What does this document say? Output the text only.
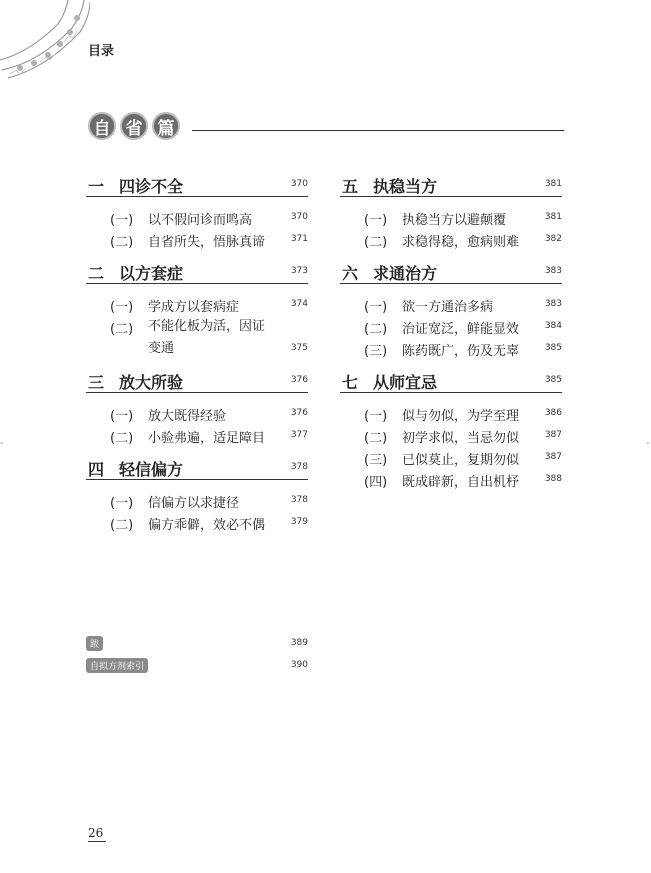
目录
自 省 篇
-	-
一 四诊不全	370
(一) 以不假问诊而鸣高	370
(二) 自省所失，悟脉真谛	371
二 以方套症	373
(一) 学成方以套病症	374
(二) 不能化板为活，因证变通	375
三 放大所验	376
(一) 放大既得经验	376
(二) 小验弗遍，适足障目	377
四 轻信偏方	378
(一) 信偏方以求捷径	378
(二) 偏方乖僻，效必不偶	379
五 执稳当方	381
(一) 执稳当方以避颠覆	381
(二) 求稳得稳，愈病则难	382
六 求通治方	383
(一) 欲一方通治多病	383
(二) 治证宽泛，鲜能显效	384
(三) 陈药既广，伤及无辜	385
七 从师宜忌	385
(一) 似与勿似，为学至理	386
(二) 初学求似，当忌勿似	387
(三) 已似莫止，复期勿似	387
(四) 既成辟新，自出机杼	388
跋	389
自拟方剂索引	390
26
